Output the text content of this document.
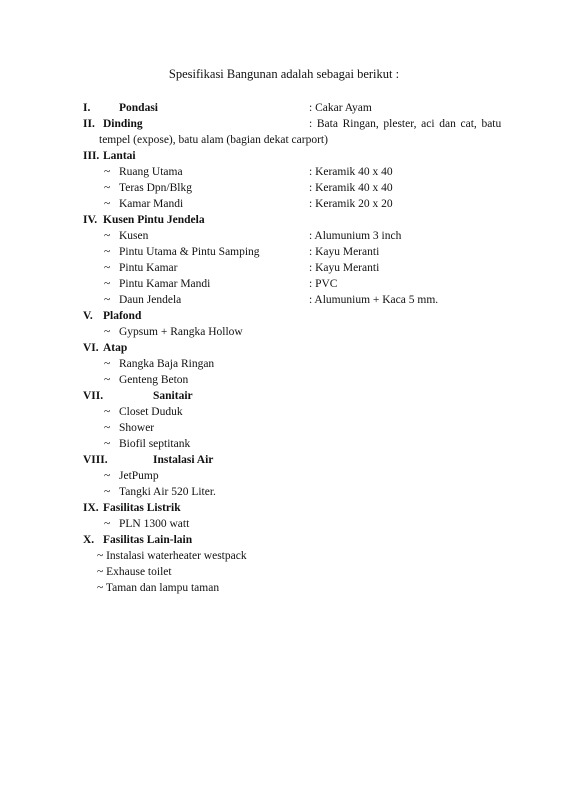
Spesifikasi Bangunan adalah sebagai berikut :
I. Pondasi	: Cakar Ayam
II. Dinding	: Bata Ringan, plester, aci dan cat, batu
tempel (expose), batu alam (bagian dekat carport)
III. Lantai
~ Ruang Utama	: Keramik 40 x 40
~ Teras Dpn/Blkg	: Keramik 40 x 40
~ Kamar Mandi	: Keramik 20 x 20
IV. Kusen Pintu Jendela
~ Kusen	: Alumunium 3 inch
~ Pintu Utama & Pintu Samping	: Kayu Meranti
~ Pintu Kamar	: Kayu Meranti
~ Pintu Kamar Mandi	: PVC
~ Daun Jendela	: Alumunium + Kaca 5 mm.
V. Plafond
~ Gypsum + Rangka Hollow
VI. Atap
~ Rangka Baja Ringan
~ Genteng Beton
VII.	Sanitair
~ Closet Duduk
~ Shower
~ Biofil septitank
VIII.	Instalasi Air
~ JetPump
~ Tangki Air 520 Liter.
IX. Fasilitas Listrik
~ PLN 1300 watt
X. Fasilitas Lain-lain
~ Instalasi waterheater westpack
~ Exhause toilet
~ Taman dan lampu taman
